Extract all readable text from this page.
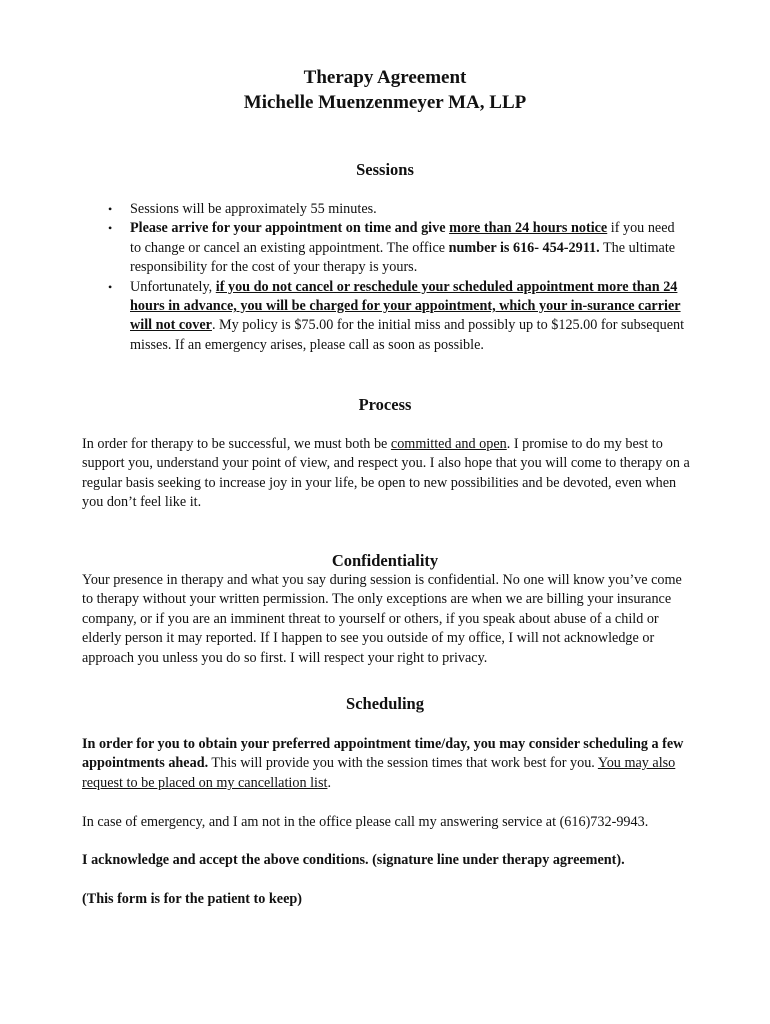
Therapy Agreement
Michelle Muenzenmeyer MA, LLP
Sessions
• Sessions will be approximately 55 minutes.
• Please arrive for your appointment on time and give more than 24 hours notice if you need to change or cancel an existing appointment. The office number is 616- 454-2911. The ultimate responsibility for the cost of your therapy is yours.
• Unfortunately, if you do not cancel or reschedule your scheduled appointment more than 24 hours in advance, you will be charged for your appointment, which your in-surance carrier will not cover. My policy is $75.00 for the initial miss and possibly up to $125.00 for subsequent misses. If an emergency arises, please call as soon as possible.
Process

In order for therapy to be successful, we must both be committed and open. I promise to do my best to support you, understand your point of view, and respect you. I also hope that you will come to therapy on a regular basis seeking to increase joy in your life, be open to new possibilities and be devoted, even when you don’t feel like it.

Confidentiality

Your presence in therapy and what you say during session is confidential. No one will know you’ve come to therapy without your written permission. The only exceptions are when we are billing your insurance company, or if you are an imminent threat to yourself or others, if you speak about abuse of a child or elderly person it may reported. If I happen to see you outside of my office, I will not acknowledge or approach you unless you do so first. I will respect your right to privacy.

Scheduling

In order for you to obtain your preferred appointment time/day, you may consider scheduling a few appointments ahead. This will provide you with the session times that work best for you. You may also request to be placed on my cancellation list.

In case of emergency, and I am not in the office please call my answering service at (616)732-9943.

I acknowledge and accept the above conditions. (signature line under therapy agreement).

(This form is for the patient to keep)
